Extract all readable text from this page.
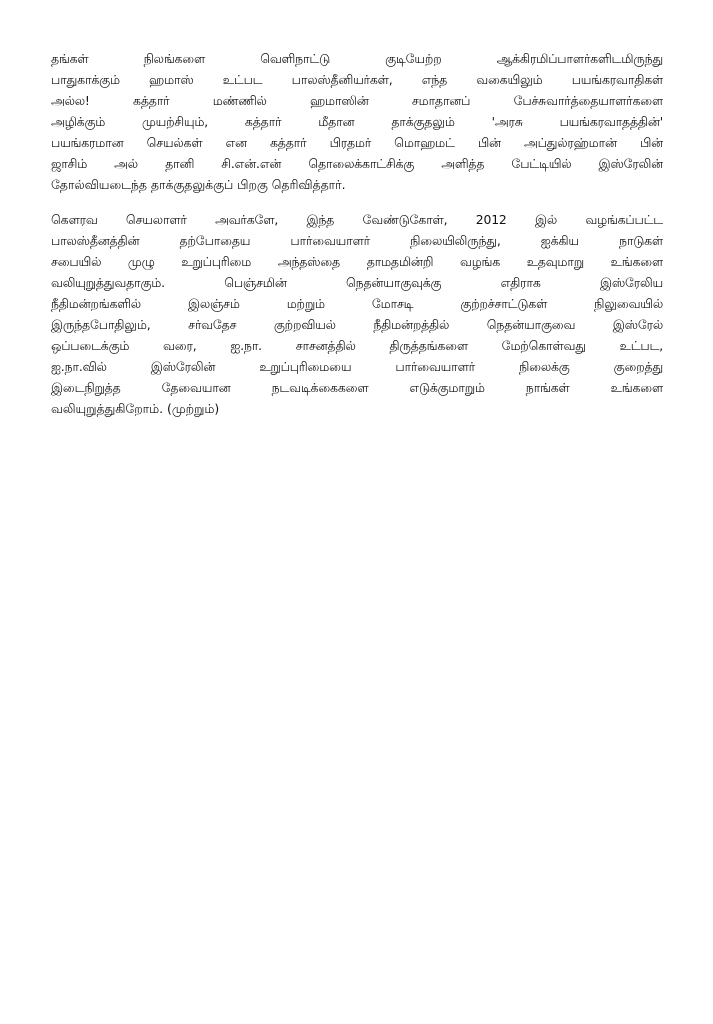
தங்கள் நிலங்களை வெளிநாட்டு குடியேற்ற ஆக்கிரமிப்பாளர்களிடமிருந்து
பாதுகாக்கும் ஹமாஸ் உட்பட பாலஸ்தீனியர்கள், எந்த வகையிலும் பயங்கரவாதிகள்
அல்ல! கத்தார் மண்ணில் ஹமாஸின் சமாதானப் பேச்சுவார்த்தையாளர்களை
அழிக்கும் முயற்சியும், கத்தார் மீதான தாக்குதலும் 'அரசு பயங்கரவாதத்தின்'
பயங்கரமான செயல்கள் என கத்தார் பிரதமர் மொஹமட் பின் அப்துல்ரஹ்மான் பின்
ஜாசிம் அல் தானி சி.என்.என் தொலைக்காட்சிக்கு அளித்த பேட்டியில் இஸ்ரேலின்
தோல்வியடைந்த தாக்குதலுக்குப் பிறகு தெரிவித்தார்.

கௌரவ செயலாளர் அவர்களே, இந்த வேண்டுகோள், 2012 இல் வழங்கப்பட்ட
பாலஸ்தீனத்தின் தற்போதைய பார்வையாளர் நிலையிலிருந்து, ஐக்கிய நாடுகள்
சபையில் முழு உறுப்புரிமை அந்தஸ்தை தாமதமின்றி வழங்க உதவுமாறு உங்களை
வலியுறுத்துவதாகும். பெஞ்சமின் நெதன்யாகுவுக்கு எதிராக இஸ்ரேலிய
நீதிமன்றங்களில் இலஞ்சம் மற்றும் மோசடி குற்றச்சாட்டுகள் நிலுவையில்
இருந்தபோதிலும், சர்வதேச குற்றவியல் நீதிமன்றத்தில் நெதன்யாகுவை இஸ்ரேல்
ஒப்படைக்கும் வரை, ஐ.நா. சாசனத்தில் திருத்தங்களை மேற்கொள்வது உட்பட,
ஐ.நா.வில் இஸ்ரேலின் உறுப்புரிமையை பார்வையாளர் நிலைக்கு குறைத்து
இடைநிறுத்த தேவையான நடவடிக்கைகளை எடுக்குமாறும் நாங்கள் உங்களை
வலியுறுத்துகிறோம். (முற்றும்)
